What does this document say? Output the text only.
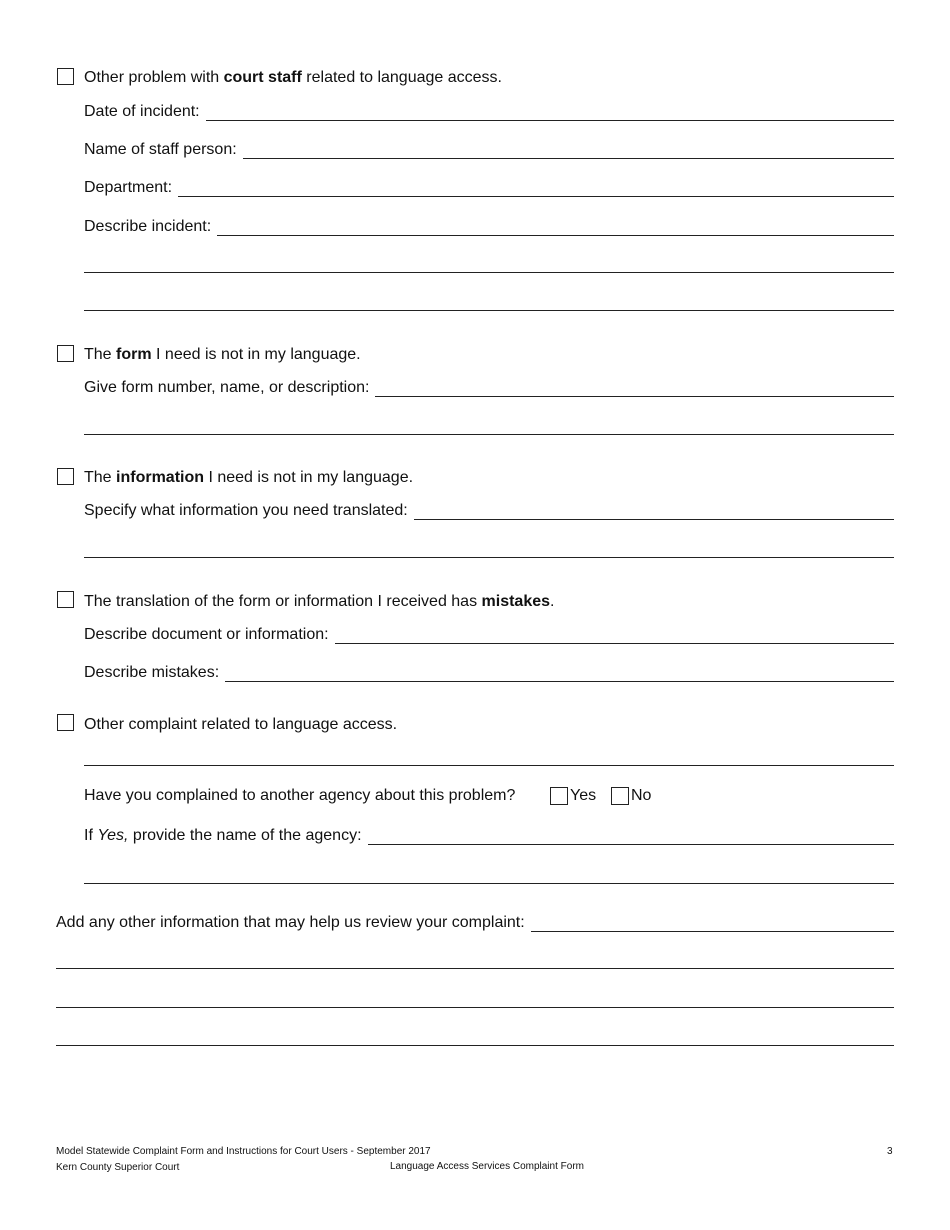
Other problem with court staff related to language access.
Date of incident:
Name of staff person:
Department:
Describe incident:
The form I need is not in my language.
Give form number, name, or description:
The information I need is not in my language.
Specify what information you need translated:
The translation of the form or information I received has mistakes.
Describe document or information:
Describe mistakes:
Other complaint related to language access.
Have you complained to another agency about this problem?	Yes No
If Yes, provide the name of the agency:
Add any other information that may help us review your complaint:
Model Statewide Complaint Form and Instructions for Court Users - September 2017
Kern County Superior Court	Language Access Services Complaint Form
3
